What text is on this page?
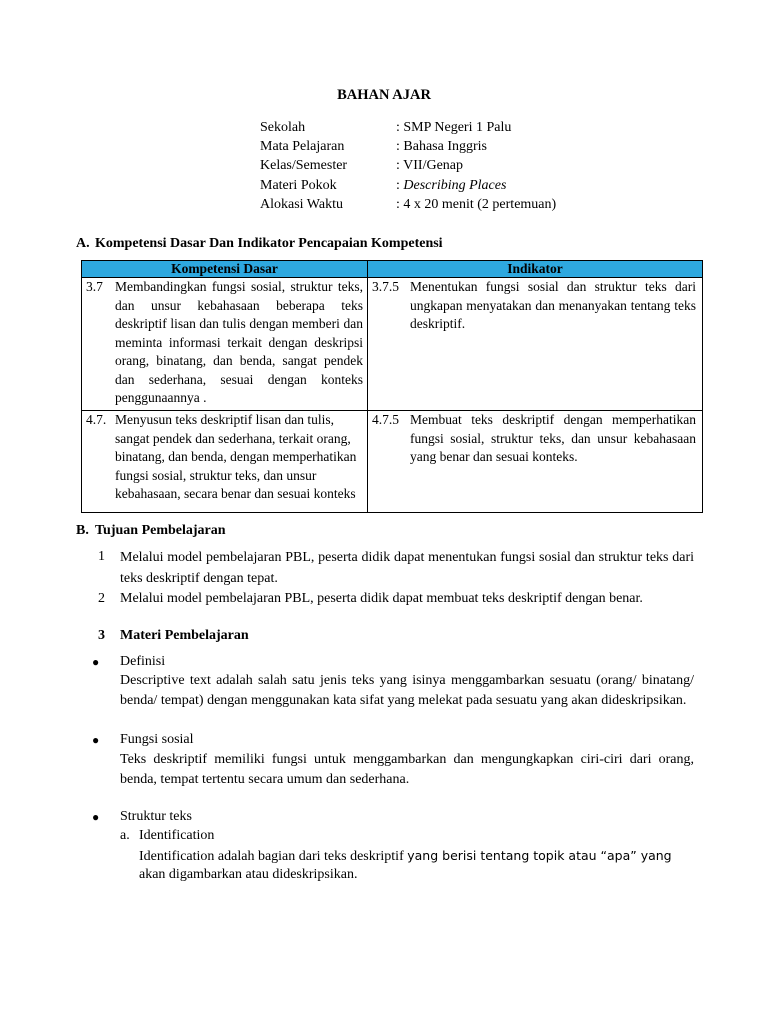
BAHAN AJAR
Sekolah	: SMP Negeri 1 Palu
Mata Pelajaran	: Bahasa Inggris
Kelas/Semester	: VII/Genap
Materi Pokok	: Describing Places
Alokasi Waktu	: 4 x 20 menit (2 pertemuan)
A. Kompetensi Dasar Dan Indikator Pencapaian Kompetensi
Kompetensi Dasar	Indikator

3.7 Membandingkan fungsi sosial, struktur teks, dan unsur kebahasaan beberapa teks deskriptif lisan dan tulis dengan memberi dan meminta informasi terkait dengan deskripsi orang, binatang, dan benda, sangat pendek dan sederhana, sesuai dengan konteks penggunaannya .	3.7.5 Menentukan fungsi sosial dan struktur teks dari ungkapan menyatakan dan menanyakan tentang teks deskriptif.

4.7. Menyusun teks deskriptif lisan dan tulis, sangat pendek dan sederhana, terkait orang, binatang, dan benda, dengan memperhatikan fungsi sosial, struktur teks, dan unsur kebahasaan, secara benar dan sesuai konteks	4.7.5 Membuat teks deskriptif dengan memperhatikan fungsi sosial, struktur teks, dan unsur kebahasaan yang benar dan sesuai konteks.
B. Tujuan Pembelajaran
1 Melalui model pembelajaran PBL, peserta didik dapat menentukan fungsi sosial dan struktur teks dari teks deskriptif dengan tepat.
2 Melalui model pembelajaran PBL, peserta didik dapat membuat teks deskriptif dengan benar.
3 Materi Pembelajaran
● Definisi
Descriptive text adalah salah satu jenis teks yang isinya menggambarkan sesuatu (orang/ binatang/ benda/ tempat) dengan menggunakan kata sifat yang melekat pada sesuatu yang akan dideskripsikan.
● Fungsi sosial
Teks deskriptif memiliki fungsi untuk menggambarkan dan mengungkapkan ciri-ciri dari orang, benda, tempat tertentu secara umum dan sederhana.
● Struktur teks
a. Identification
Identification adalah bagian dari teks deskriptif yang berisi tentang topik atau “apa” yang
akan digambarkan atau dideskripsikan.
